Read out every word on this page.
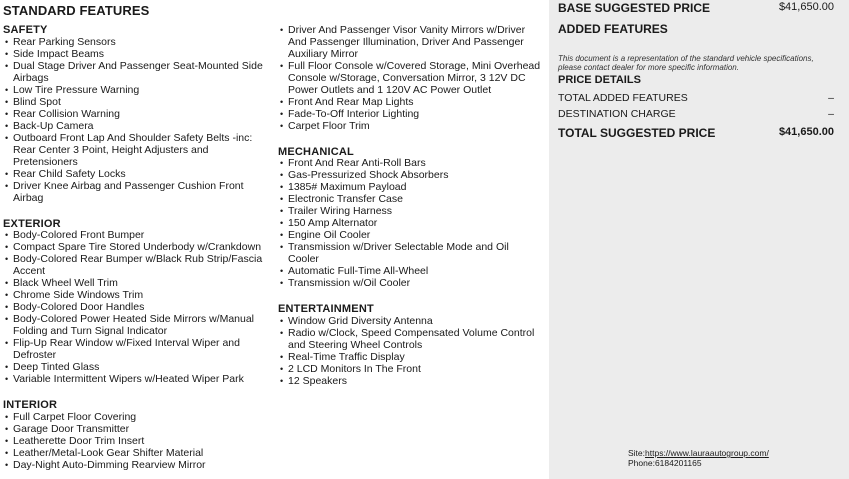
STANDARD FEATURES
SAFETY
• Rear Parking Sensors
• Side Impact Beams
• Dual Stage Driver And Passenger Seat-Mounted Side Airbags
• Low Tire Pressure Warning
• Blind Spot
• Rear Collision Warning
• Back-Up Camera
• Outboard Front Lap And Shoulder Safety Belts -inc: Rear Center 3 Point, Height Adjusters and Pretensioners
• Rear Child Safety Locks
• Driver Knee Airbag and Passenger Cushion Front Airbag
EXTERIOR
• Body-Colored Front Bumper
• Compact Spare Tire Stored Underbody w/Crankdown
• Body-Colored Rear Bumper w/Black Rub Strip/Fascia Accent
• Black Wheel Well Trim
• Chrome Side Windows Trim
• Body-Colored Door Handles
• Body-Colored Power Heated Side Mirrors w/Manual Folding and Turn Signal Indicator
• Flip-Up Rear Window w/Fixed Interval Wiper and Defroster
• Deep Tinted Glass
• Variable Intermittent Wipers w/Heated Wiper Park
INTERIOR
• Full Carpet Floor Covering
• Garage Door Transmitter
• Leatherette Door Trim Insert
• Leather/Metal-Look Gear Shifter Material
• Day-Night Auto-Dimming Rearview Mirror
• Driver And Passenger Visor Vanity Mirrors w/Driver And Passenger Illumination, Driver And Passenger Auxiliary Mirror
• Full Floor Console w/Covered Storage, Mini Overhead Console w/Storage, Conversation Mirror, 3 12V DC Power Outlets and 1 120V AC Power Outlet
• Front And Rear Map Lights
• Fade-To-Off Interior Lighting
• Carpet Floor Trim
MECHANICAL
• Front And Rear Anti-Roll Bars
• Gas-Pressurized Shock Absorbers
• 1385# Maximum Payload
• Electronic Transfer Case
• Trailer Wiring Harness
• 150 Amp Alternator
• Engine Oil Cooler
• Transmission w/Driver Selectable Mode and Oil Cooler
• Automatic Full-Time All-Wheel
• Transmission w/Oil Cooler
ENTERTAINMENT
• Window Grid Diversity Antenna
• Radio w/Clock, Speed Compensated Volume Control and Steering Wheel Controls
• Real-Time Traffic Display
• 2 LCD Monitors In The Front
• 12 Speakers
BASE SUGGESTED PRICE	$41,650.00
ADDED FEATURES
This document is a representation of the standard vehicle specifications, please contact dealer for more specific information.
PRICE DETAILS
TOTAL ADDED FEATURES	–
DESTINATION CHARGE	–
TOTAL SUGGESTED PRICE	$41,650.00
Site:https://www.lauraautogroup.com/
Phone:6184201165
